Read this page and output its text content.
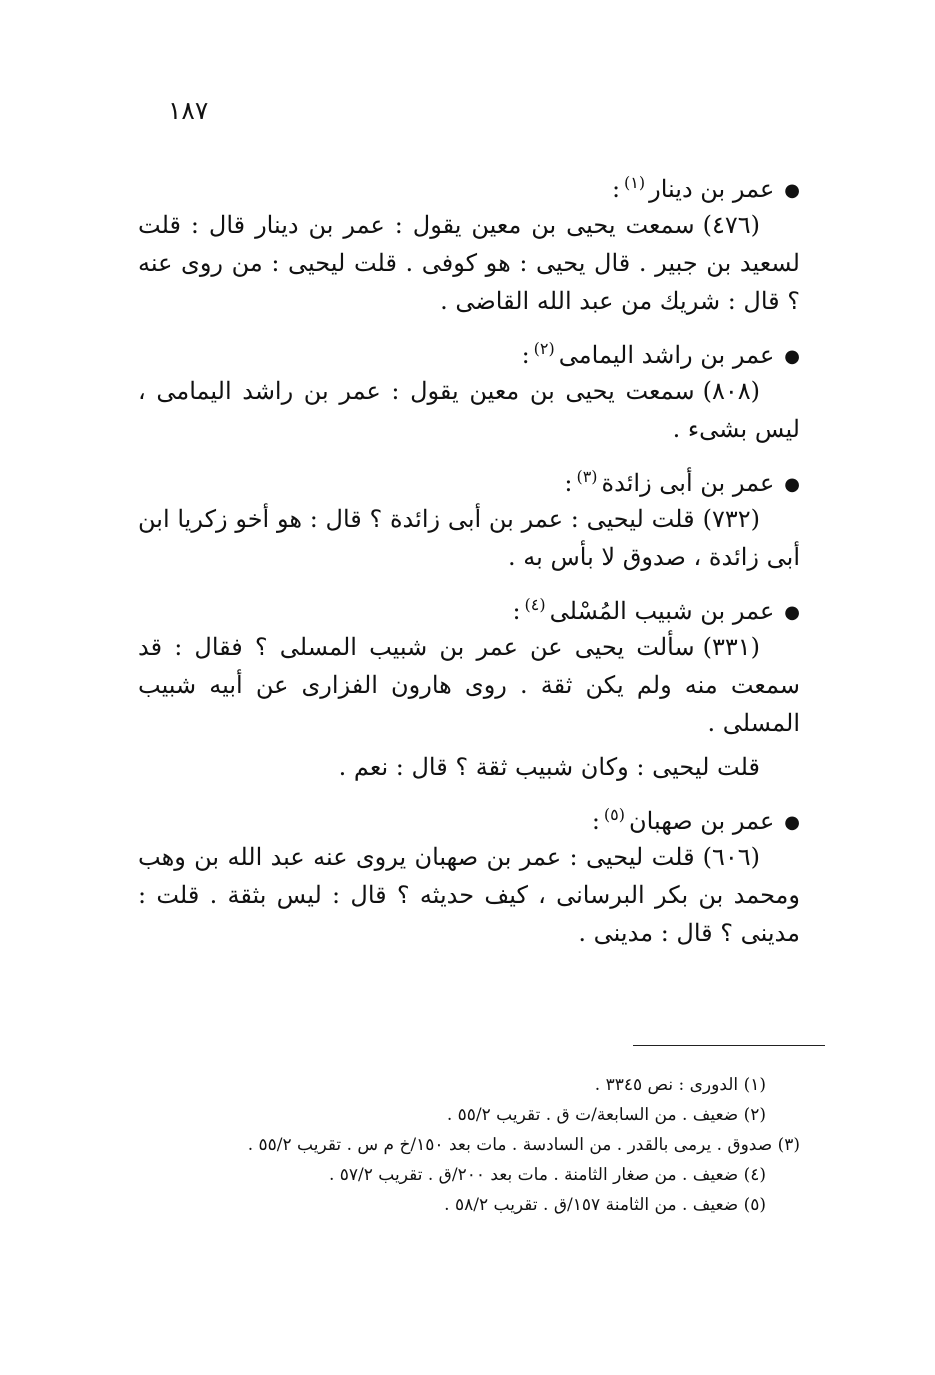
١٨٧
●عمر بن دينار$^{(١)}$:

(٤٧٦)سمعت يحيى بن معين يقول : عمر بن دينار قال : قلت لسعيد بن جبير . قال يحيى : هو كوفى . قلت ليحيى : من روى عنه ؟ قال : شريك من عبد الله القاضى .

●عمر بن راشد اليمامى$^{(٢)}$:

(٨٠٨)سمعت يحيى بن معين يقول : عمر بن راشد اليمامى ، ليس بشىء .

●عمر بن أبى زائدة$^{(٣)}$:

(٧٣٢)قلت ليحيى : عمر بن أبى زائدة ؟ قال : هو أخو زكريا ابن أبى زائدة ، صدوق لا بأس به .

●عمر بن شبيب المُسْلى$^{(٤)}$:

(٣٣١)سألت يحيى عن عمر بن شبيب المسلى ؟ فقال : قد سمعت منه ولم يكن ثقة . روى هارون الفزارى عن أبيه شبيب المسلى .

قلت ليحيى : وكان شبيب ثقة ؟ قال : نعم .

●عمر بن صهبان$^{(٥)}$:

(٦٠٦)قلت ليحيى : عمر بن صهبان يروى عنه عبد الله بن وهب ومحمد بن بكر البرسانى ، كيف حديثه ؟ قال : ليس بثقة . قلت : مدينى ؟ قال : مدينى .

(١) الدورى : نص ٣٣٤٥ .

(٢) ضعيف . من السابعة/ت ق . تقريب ٥٥/٢ .

(٣) صدوق . يرمى بالقدر . من السادسة . مات بعد ١٥٠/خ م س . تقريب ٥٥/٢ .

(٤) ضعيف . من صغار الثامنة . مات بعد ٢٠٠/ق . تقريب ٥٧/٢ .

(٥) ضعيف . من الثامنة ١٥٧/ق . تقريب ٥٨/٢ .
